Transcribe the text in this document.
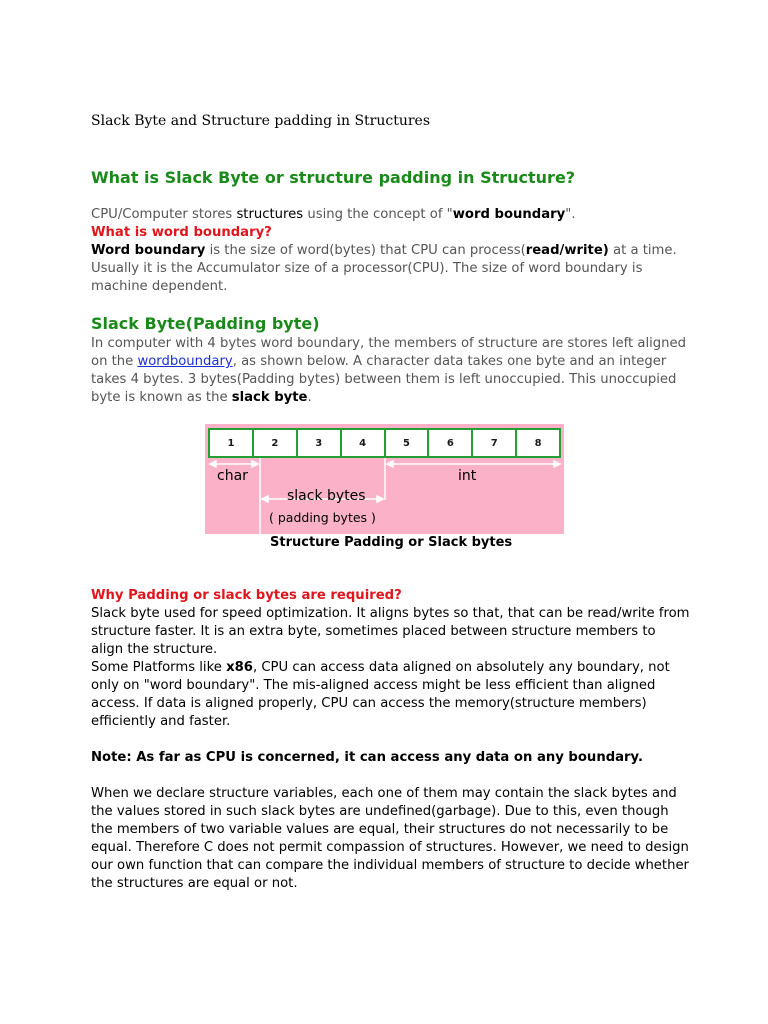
Slack Byte and Structure padding in Structures
What is Slack Byte or structure padding in Structure?
CPU/Computer stores structures using the concept of "word boundary".
What is word boundary?
Word boundary is the size of word(bytes) that CPU can process(read/write) at a time. Usually it is the Accumulator size of a processor(CPU). The size of word boundary is machine dependent.
Slack Byte(Padding byte)
In computer with 4 bytes word boundary, the members of structure are stores left aligned on the wordboundary, as shown below. A character data takes one byte and an integer takes 4 bytes. 3 bytes(Padding bytes) between them is left unoccupied. This unoccupied byte is known as the slack byte.
1	2	3	4	5	6	7	8
char	int
slack bytes
( padding bytes )
Structure Padding or Slack bytes
Why Padding or slack bytes are required?
Slack byte used for speed optimization. It aligns bytes so that, that can be read/write from structure faster. It is an extra byte, sometimes placed between structure members to align the structure.
Some Platforms like x86, CPU can access data aligned on absolutely any boundary, not only on "word boundary". The mis-aligned access might be less efficient than aligned access. If data is aligned properly, CPU can access the memory(structure members) efficiently and faster.
Note: As far as CPU is concerned, it can access any data on any boundary.
When we declare structure variables, each one of them may contain the slack bytes and the values stored in such slack bytes are undefined(garbage). Due to this, even though the members of two variable values are equal, their structures do not necessarily to be equal. Therefore C does not permit compassion of structures. However, we need to design our own function that can compare the individual members of structure to decide whether the structures are equal or not.
